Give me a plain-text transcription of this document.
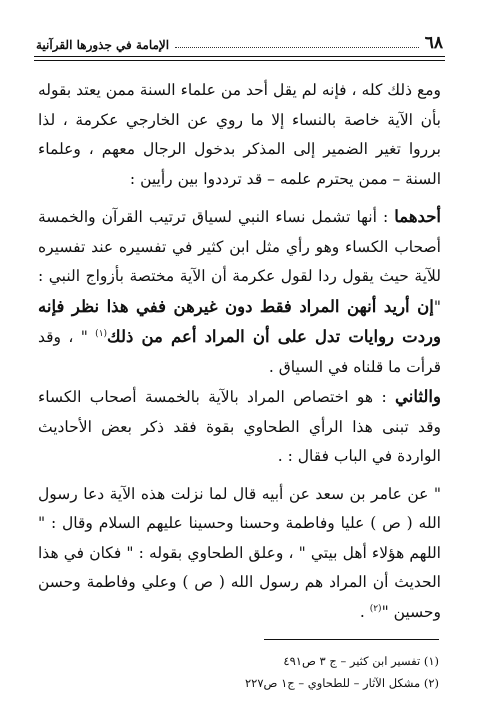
٦٨
الإمامة في جذورها القرآنية

ومع ذلك كله ، فإنه لم يقل أحد من علماء السنة ممن يعتد بقوله بأن الآية خاصة بالنساء إلا ما روي عن الخارجي عكرمة ، لذا برروا تغير الضمير إلى المذكر بدخول الرجال معهم ، وعلماء السنة – ممن يحترم علمه – قد ترددوا بين رأيين :

أحدهما : أنها تشمل نساء النبي لسياق ترتيب القرآن والخمسة أصحاب الكساء وهو رأي مثل ابن كثير في تفسيره عند تفسيره للآية حيث يقول ردا لقول عكرمة أن الآية مختصة بأزواج النبي : "إن أريد أنهن المراد فقط دون غيرهن ففي هذا نظر فإنه وردت روايات تدل على أن المراد أعم من ذلك$^{(١)}$ " ، وقد قرأت ما قلناه في السياق .

والثاني : هو اختصاص المراد بالآية بالخمسة أصحاب الكساء وقد تبنى هذا الرأي الطحاوي بقوة فقد ذكر بعض الأحاديث الواردة في الباب فقال : .

" عن عامر بن سعد عن أبيه قال لما نزلت هذه الآية دعا رسول الله ( ص ) عليا وفاطمة وحسنا وحسينا عليهم السلام وقال : " اللهم هؤلاء أهل بيتي " ، وعلق الطحاوي بقوله : " فكان في هذا الحديث أن المراد هم رسول الله ( ص ) وعلي وفاطمة وحسن وحسين "$^{(٢)}$ .

(١) تفسير ابن كثير – ج ٣ ص٤٩١
(٢) مشكل الآثار – للطحاوي – ج١ ص٢٢٧
